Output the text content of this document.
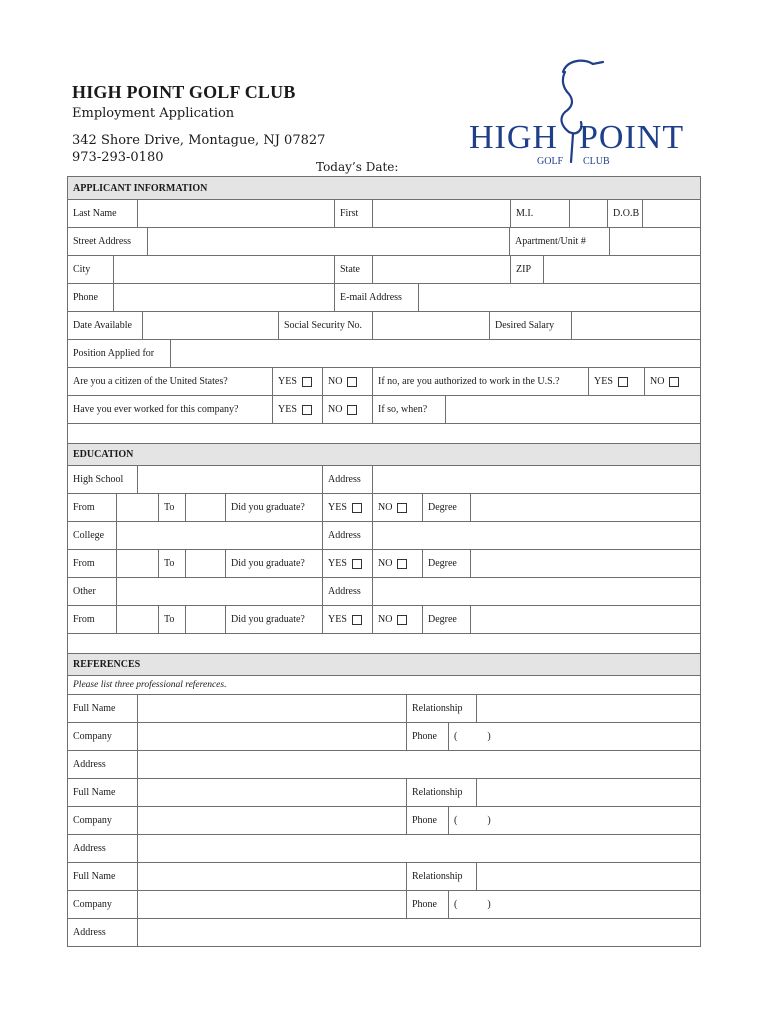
HIGH POINT GOLF CLUB
Employment Application
342 Shore Drive, Montague, NJ 07827
973-293-0180
Today’s Date:
HIGH POINT
GOLF CLUB
APPLICANT INFORMATION
Last Name	First	M.I.	D.O.B
Street Address	Apartment/Unit #
City	State	ZIP
Phone	E-mail Address
Date Available	Social Security No.	Desired Salary
Position Applied for
Are you a citizen of the United States?	YES	NO	If no, are you authorized to work in the U.S.?	YES	NO
Have you ever worked for this company?	YES	NO	If so, when?
EDUCATION
High School	Address
From	To	Did you graduate?	YES	NO	Degree
College	Address
From	To	Did you graduate?	YES	NO	Degree
Other	Address
From	To	Did you graduate?	YES	NO	Degree
REFERENCES
Please list three professional references.
Full Name	Relationship
Company	Phone	(	)
Address
Full Name	Relationship
Company	Phone	(	)
Address
Full Name	Relationship
Company	Phone	(	)
Address
